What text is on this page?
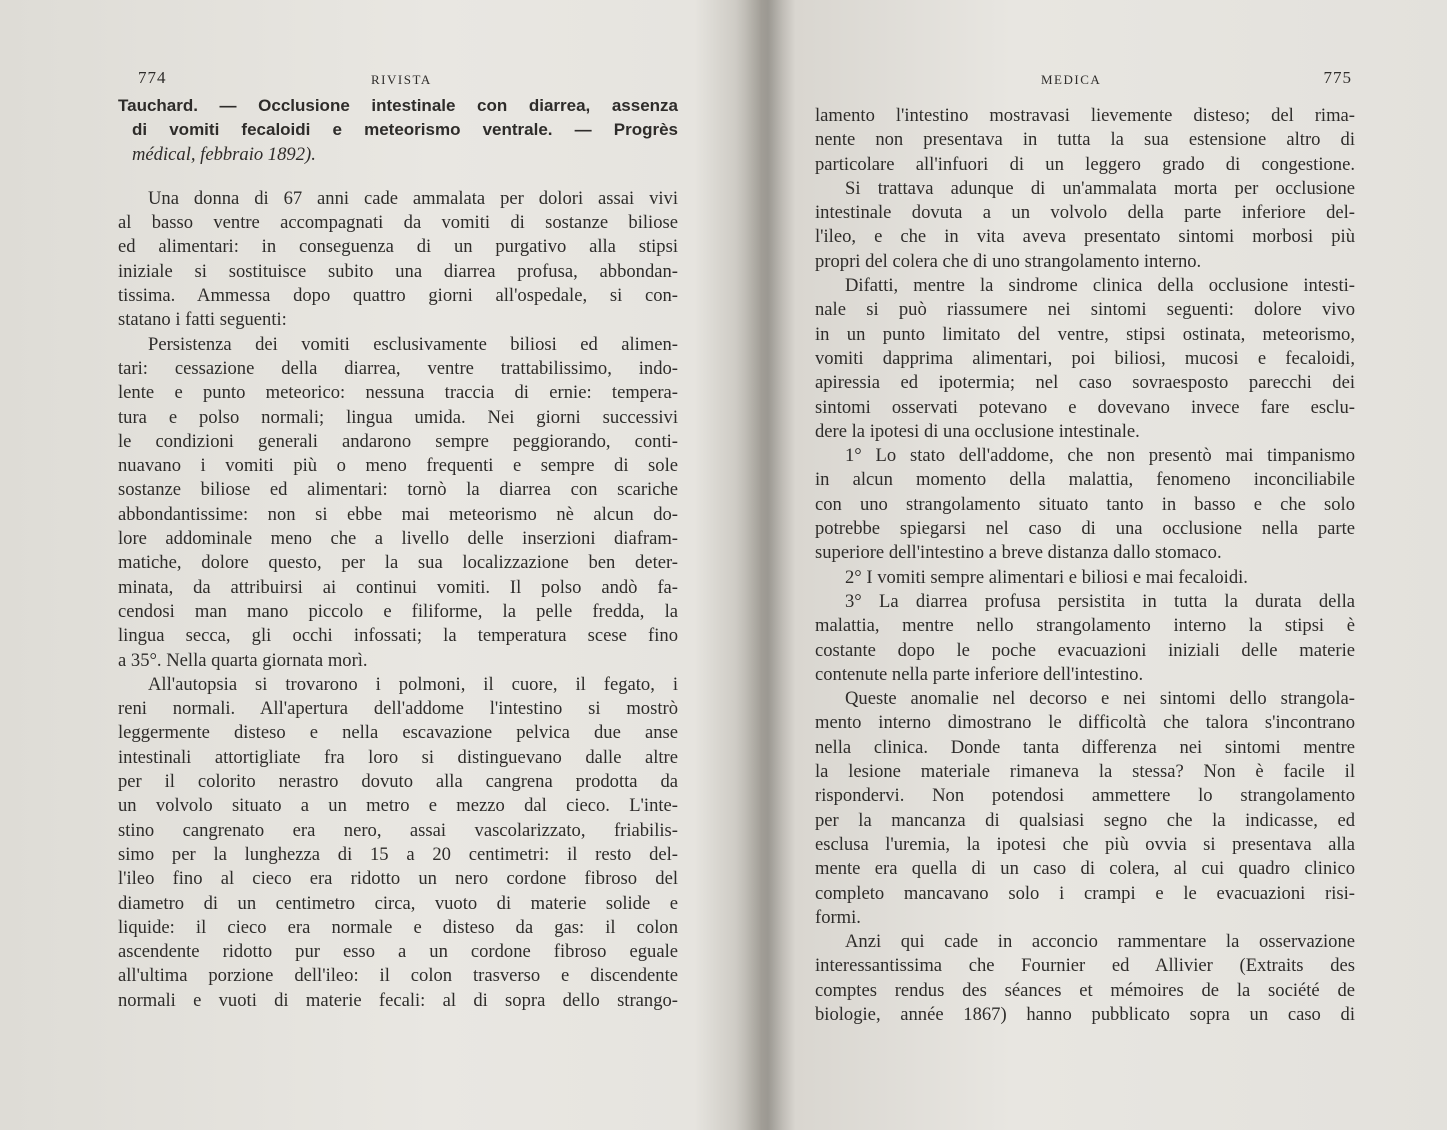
774	RIVISTA
Tauchard. — Occlusione intestinale con diarrea, assenza
di vomiti fecaloidi e meteorismo ventrale. — Progrès
médical, febbraio 1892).
Una donna di 67 anni cade ammalata per dolori assai vivi
al basso ventre accompagnati da vomiti di sostanze biliose
ed alimentari: in conseguenza di un purgativo alla stipsi
iniziale si sostituisce subito una diarrea profusa, abbondan-
tissima. Ammessa dopo quattro giorni all'ospedale, si con-
statano i fatti seguenti:
Persistenza dei vomiti esclusivamente biliosi ed alimen-
tari: cessazione della diarrea, ventre trattabilissimo, indo-
lente e punto meteorico: nessuna traccia di ernie: tempera-
tura e polso normali; lingua umida. Nei giorni successivi
le condizioni generali andarono sempre peggiorando, conti-
nuavano i vomiti più o meno frequenti e sempre di sole
sostanze biliose ed alimentari: tornò la diarrea con scariche
abbondantissime: non si ebbe mai meteorismo nè alcun do-
lore addominale meno che a livello delle inserzioni diafram-
matiche, dolore questo, per la sua localizzazione ben deter-
minata, da attribuirsi ai continui vomiti. Il polso andò fa-
cendosi man mano piccolo e filiforme, la pelle fredda, la
lingua secca, gli occhi infossati; la temperatura scese fino
a 35°. Nella quarta giornata morì.
All'autopsia si trovarono i polmoni, il cuore, il fegato, i
reni normali. All'apertura dell'addome l'intestino si mostrò
leggermente disteso e nella escavazione pelvica due anse
intestinali attortigliate fra loro si distinguevano dalle altre
per il colorito nerastro dovuto alla cangrena prodotta da
un volvolo situato a un metro e mezzo dal cieco. L'inte-
stino cangrenato era nero, assai vascolarizzato, friabilis-
simo per la lunghezza di 15 a 20 centimetri: il resto del-
l'ileo fino al cieco era ridotto un nero cordone fibroso del
diametro di un centimetro circa, vuoto di materie solide e
liquide: il cieco era normale e disteso da gas: il colon
ascendente ridotto pur esso a un cordone fibroso eguale
all'ultima porzione dell'ileo: il colon trasverso e discendente
normali e vuoti di materie fecali: al di sopra dello strango-
MEDICA	775
lamento l'intestino mostravasi lievemente disteso; del rima-
nente non presentava in tutta la sua estensione altro di
particolare all'infuori di un leggero grado di congestione.
Si trattava adunque di un'ammalata morta per occlusione
intestinale dovuta a un volvolo della parte inferiore del-
l'ileo, e che in vita aveva presentato sintomi morbosi più
propri del colera che di uno strangolamento interno.
Difatti, mentre la sindrome clinica della occlusione intesti-
nale si può riassumere nei sintomi seguenti: dolore vivo
in un punto limitato del ventre, stipsi ostinata, meteorismo,
vomiti dapprima alimentari, poi biliosi, mucosi e fecaloidi,
apiressia ed ipotermia; nel caso sovraesposto parecchi dei
sintomi osservati potevano e dovevano invece fare esclu-
dere la ipotesi di una occlusione intestinale.
1° Lo stato dell'addome, che non presentò mai timpanismo
in alcun momento della malattia, fenomeno inconciliabile
con uno strangolamento situato tanto in basso e che solo
potrebbe spiegarsi nel caso di una occlusione nella parte
superiore dell'intestino a breve distanza dallo stomaco.
2° I vomiti sempre alimentari e biliosi e mai fecaloidi.
3° La diarrea profusa persistita in tutta la durata della
malattia, mentre nello strangolamento interno la stipsi è
costante dopo le poche evacuazioni iniziali delle materie
contenute nella parte inferiore dell'intestino.
Queste anomalie nel decorso e nei sintomi dello strangola-
mento interno dimostrano le difficoltà che talora s'incontrano
nella clinica. Donde tanta differenza nei sintomi mentre
la lesione materiale rimaneva la stessa? Non è facile il
rispondervi. Non potendosi ammettere lo strangolamento
per la mancanza di qualsiasi segno che la indicasse, ed
esclusa l'uremia, la ipotesi che più ovvia si presentava alla
mente era quella di un caso di colera, al cui quadro clinico
completo mancavano solo i crampi e le evacuazioni risi-
formi.
Anzi qui cade in acconcio rammentare la osservazione
interessantissima che Fournier ed Allivier (Extraits des
comptes rendus des séances et mémoires de la société de
biologie, année 1867) hanno pubblicato sopra un caso di
